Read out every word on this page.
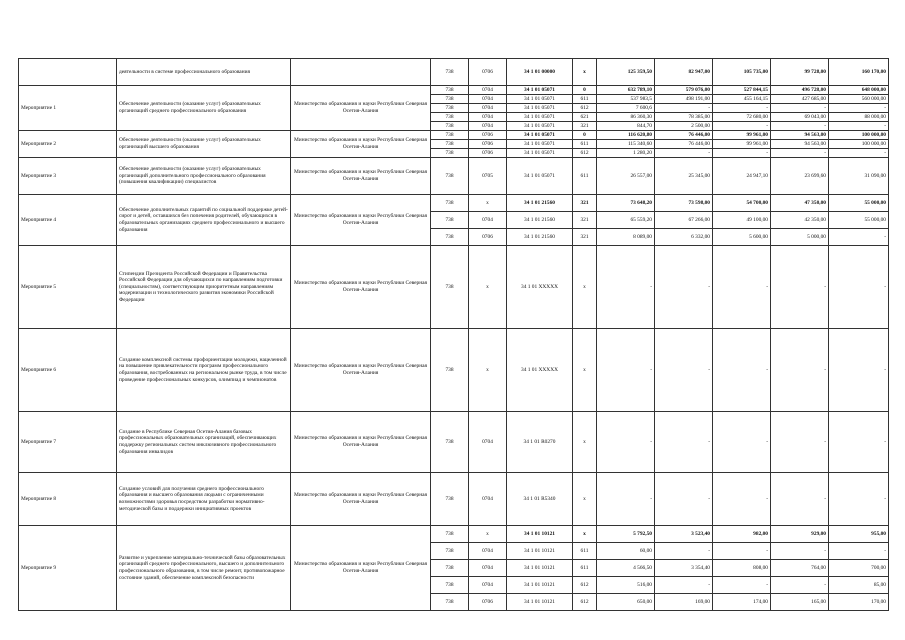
	деятельности в системе профессионального образования		738	0706	34 1 01 00000	x	125 359,50	82 947,00	105 735,00	99 728,00	160 170,00
Мероприятие 1	Обеспечение деятельности (оказание услуг) образовательных организаций среднего профессионального образования	Министерство образования и науки Республики Северная Осетия-Алания	738	0704	34 1 01 05071	0	632 789,10	579 076,00	527 844,15	496 728,00	648 000,00
			738	0704	34 1 01 05071	611	537 983,5	498 191,00	455 164,15	427 685,00	560 000,00
			738	0704	34 1 01 05071	612	7 600,6	-	-	-	-
			738	0704	34 1 01 05071	621	86 360,30	78 385,00	72 680,00	69 043,00	88 000,00
			738	0704	34 1 01 05071	321	844,70	2 500,00	-	-	-
Мероприятие 2	Обеспечение деятельности (оказание услуг) образовательных организаций высшего образования	Министерство образования и науки Республики Северная Осетия-Алания	738	0706	34 1 01 05071	0	116 620,80	76 446,00	99 961,00	94 563,00	100 000,00
			738	0706	34 1 01 05071	611	115 340,60	76 446,00	99 961,00	94 563,00	100 000,00
			738	0706	34 1 01 05071	612	1 280,20	-	-	-	-
Мероприятие 3	Обеспечение деятельности (оказание услуг) образовательных организаций дополнительного профессионального образования (повышения квалификации) специалистов	Министерство образования и науки Республики Северная Осетия-Алания	738	0705	34 1 01 05071	611	26 557,00	25 345,00	24 947,10	23 699,60	31 090,00
Мероприятие 4	Обеспечение дополнительных гарантий по социальной поддержке детей-сирот и детей, оставшихся без попечения родителей, обучающихся в образовательных организациях среднего профессионального и высшего образования	Министерство образования и науки Республики Северная Осетия-Алания	738	x	34 1 01 21560	321	73 648,20	73 598,00	54 700,00	47 350,00	55 000,00
			738	0704	34 1 01 21560	321	65 559,20	67 266,00	49 100,00	42 350,00	55 000,00
			738	0706	34 1 01 21560	321	8 089,00	6 332,00	5 600,00	5 000,00	-
Мероприятие 5	Стипендии Президента Российской Федерации и Правительства Российской Федерации для обучающихся по направлениям подготовки (специальностям), соответствующим приоритетным направлениям модернизации и технологического развития экономики Российской Федерации	Министерство образования и науки Республики Северная Осетия-Алания	738	x	34 1 01 XXXXX	x	-	-	-	-	-
Мероприятие 6	Создание комплексной системы профориентации молодежи, нацеленной на повышение привлекательности программ профессионального образования, востребованных на региональном рынке труда, в том числе проведение профессиональных конкурсов, олимпиад и чемпионатов	Министерство образования и науки Республики Северная Осетия-Алания	738	x	34 1 01 XXXXX	x	-	-	-	-	-
Мероприятие 7	Создание в Республике Северная Осетия-Алания базовых профессиональных образовательных организаций, обеспечивающих поддержку региональных систем инклюзивного профессионального образования инвалидов	Министерство образования и науки Республики Северная Осетия-Алания	738	0704	34 1 01 R0270	x	-	-	-	-	-
Мероприятие 8	Создание условий для получения среднего профессионального образования и высшего образования людьми с ограниченными возможностями здоровья посредством разработки нормативно-методической базы и поддержки инициативных проектов	Министерство образования и науки Республики Северная Осетия-Алания	738	0704	34 1 01 R5340	x	-	-	-	-	-
Мероприятие 9	Развитие и укрепление материально-технической базы образовательных организаций среднего профессионального, высшего и дополнительного профессионального образования, в том числе ремонт, противопожарное состояние зданий, обеспечение комплексной безопасности	Министерство образования и науки Республики Северная Осетия-Алания	738	x	34 1 01 10121	x	5 792,50	3 523,40	982,00	929,00	955,00
			738	0704	34 1 01 10121	611	60,00	-	-	-	-
			738	0704	34 1 01 10121	611	4 566,50	3 354,40	808,00	764,00	700,00
			738	0704	34 1 01 10121	612	516,00	-	-	-	85,00
			738	0706	34 1 01 10121	612	650,00	169,00	174,00	165,00	170,00
